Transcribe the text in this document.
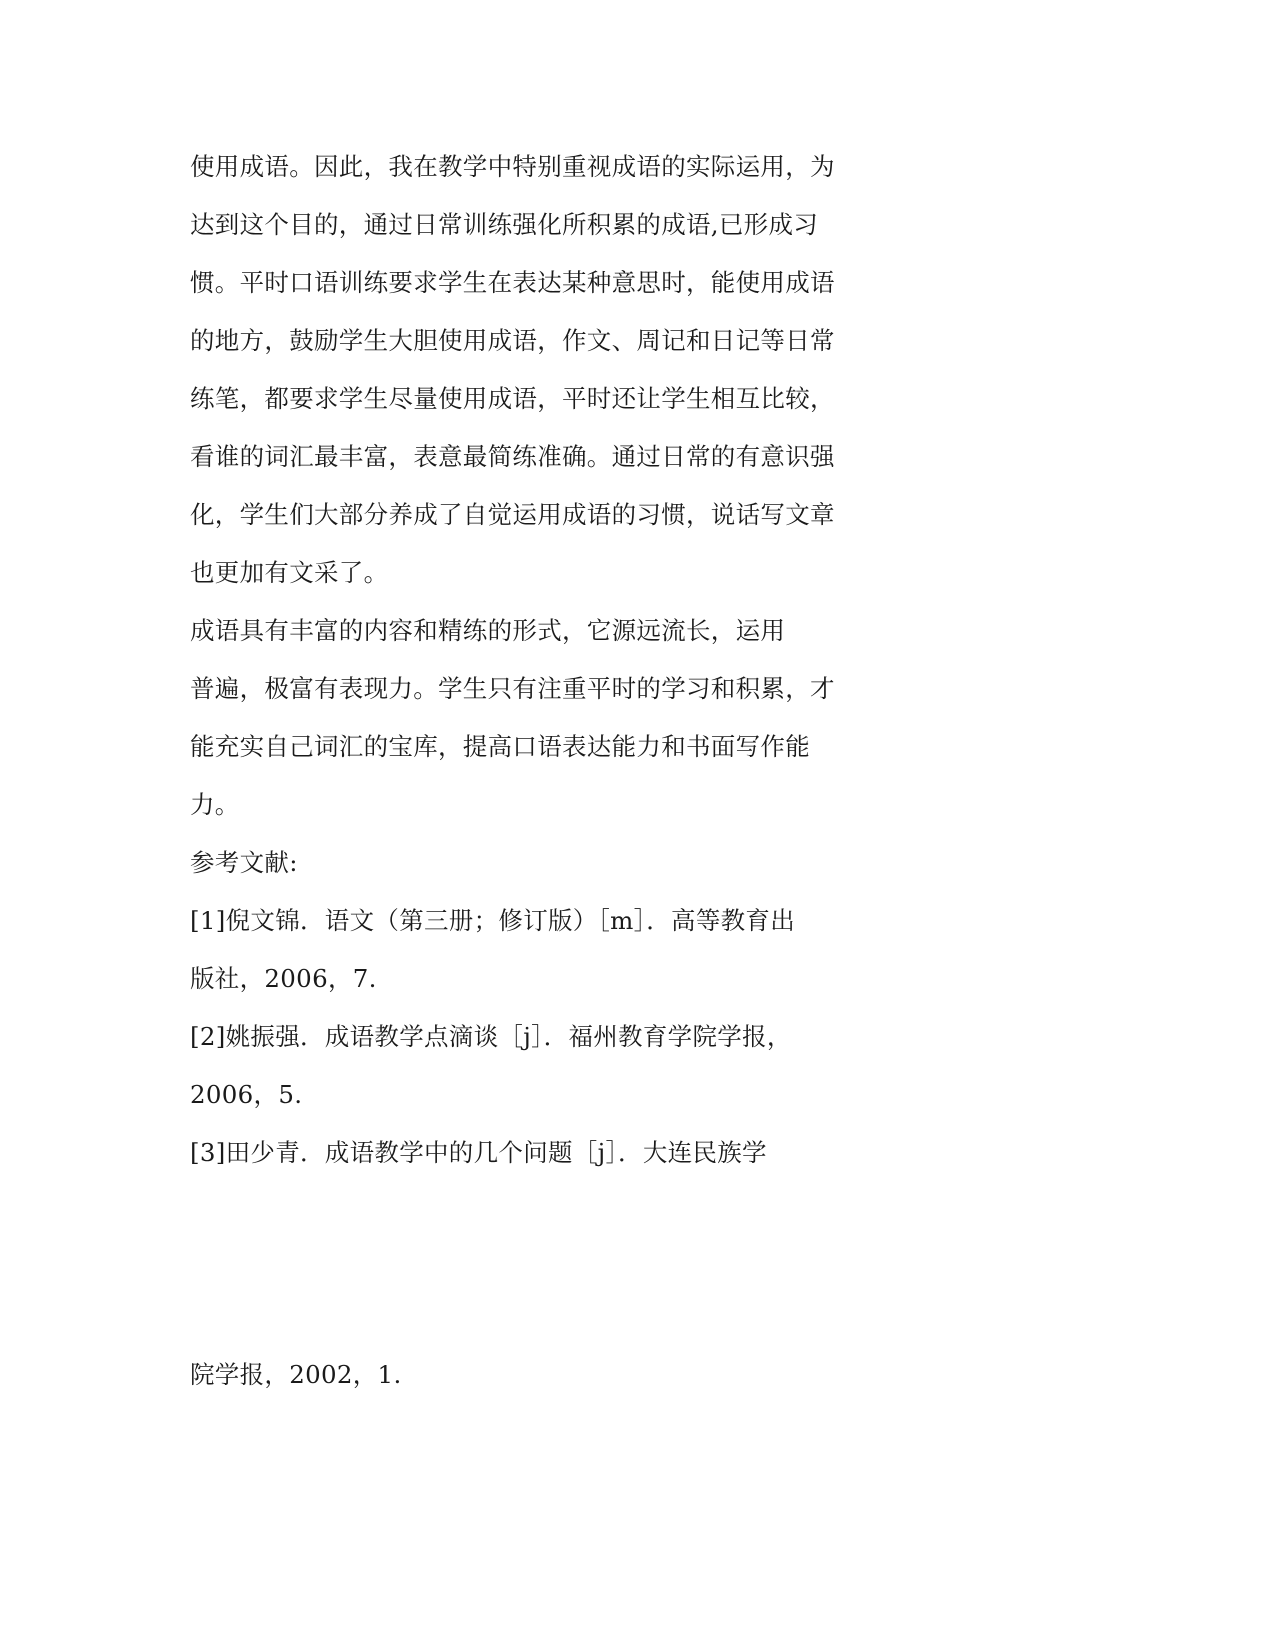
使用成语。因此，我在教学中特别重视成语的实际运用，为
达到这个目的，通过日常训练强化所积累的成语,已形成习
惯。平时口语训练要求学生在表达某种意思时，能使用成语
的地方，鼓励学生大胆使用成语，作文、周记和日记等日常
练笔，都要求学生尽量使用成语，平时还让学生相互比较，
看谁的词汇最丰富，表意最简练准确。通过日常的有意识强
化，学生们大部分养成了自觉运用成语的习惯，说话写文章
也更加有文采了。
成语具有丰富的内容和精练的形式，它源远流长，运用
普遍，极富有表现力。学生只有注重平时的学习和积累，才
能充实自己词汇的宝库，提高口语表达能力和书面写作能
力。
参考文献:
[1]倪文锦．语文（第三册；修订版）［m］．高等教育出
版社，2006，7.
[2]姚振强．成语教学点滴谈［j］．福州教育学院学报，
2006，5.
[3]田少青．成语教学中的几个问题［j］．大连民族学
院学报，2002，1.
